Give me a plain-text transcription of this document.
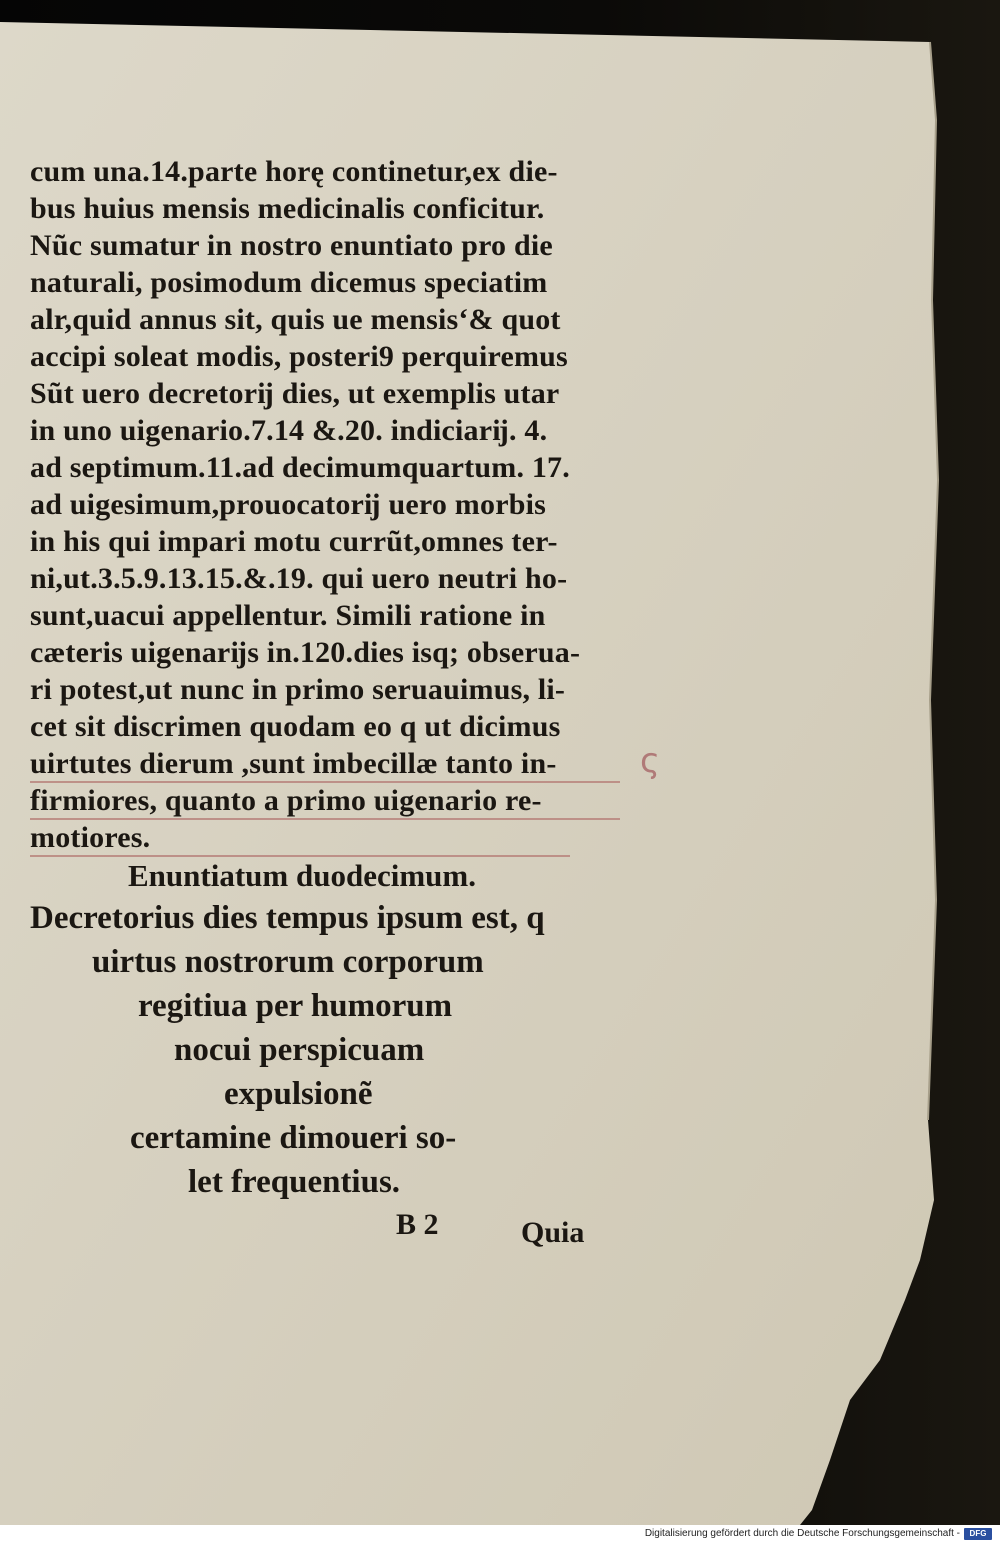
cum una.14.parte horę continetur,ex die-
bus huius mensis medicinalis conficitur.
Nũc sumatur in nostro enuntiato pro die
naturali, posimodum dicemus speciatim
alr,quid annus sit, quis ue mensis‘& quot
accipi soleat modis, posteri9 perquiremus
Sũt uero decretorĳ dies, ut exemplis utar
in uno uigenario.7.14 &.20. indiciarĳ. 4.
ad septimum.11.ad decimumquartum. 17.
ad uigesimum,prouocatorĳ uero morbis
in his qui impari motu currũt,omnes ter-
ni,ut.3.5.9.13.15.&.19. qui uero neutri ho-
sunt,uacui appellentur. Simili ratione in
cæteris uigenarĳs in.120.dies isq; obserua-
ri potest,ut nunc in primo seruauimus, li-
cet sit discrimen quodam eo q ut dicimus
uirtutes dierum ,sunt imbecillæ tanto in-
firmiores, quanto a primo uigenario re-
motiores.
Enuntiatum duodecimum.
Decretorius dies tempus ipsum est, q
uirtus nostrorum corporum
regitiua per humorum
nocui perspicuam
expulsionẽ
certamine dimoueri so-
let frequentius.
ς
B 2	Quia
Digitalisierung gefördert durch die Deutsche Forschungsgemeinschaft -	DFG
